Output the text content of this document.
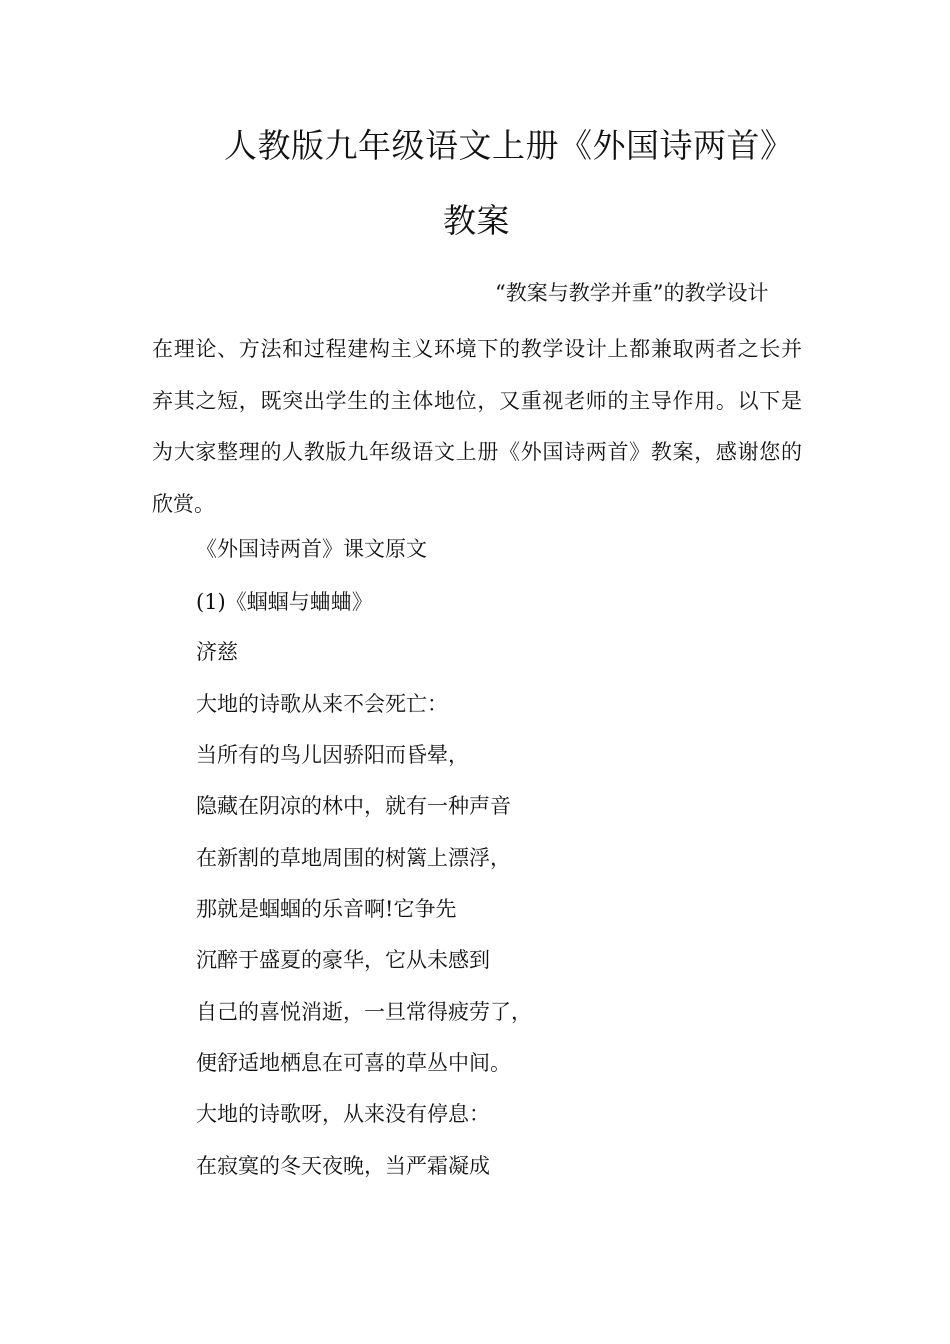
人教版九年级语文上册《外国诗两首》
教案
“教案与教学并重”的教学设计
在理论、方法和过程建构主义环境下的教学设计上都兼取两者之长并弃其之短，既突出学生的主体地位，又重视老师的主导作用。以下是为大家整理的人教版九年级语文上册《外国诗两首》教案，感谢您的欣赏。
《外国诗两首》课文原文
(1)《蝈蝈与蛐蛐》
济慈
大地的诗歌从来不会死亡：
当所有的鸟儿因骄阳而昏晕，
隐藏在阴凉的林中，就有一种声音
在新割的草地周围的树篱上漂浮，
那就是蝈蝈的乐音啊!它争先
沉醉于盛夏的豪华，它从未感到
自己的喜悦消逝，一旦常得疲劳了，
便舒适地栖息在可喜的草丛中间。
大地的诗歌呀，从来没有停息：
在寂寞的冬天夜晚，当严霜凝成
